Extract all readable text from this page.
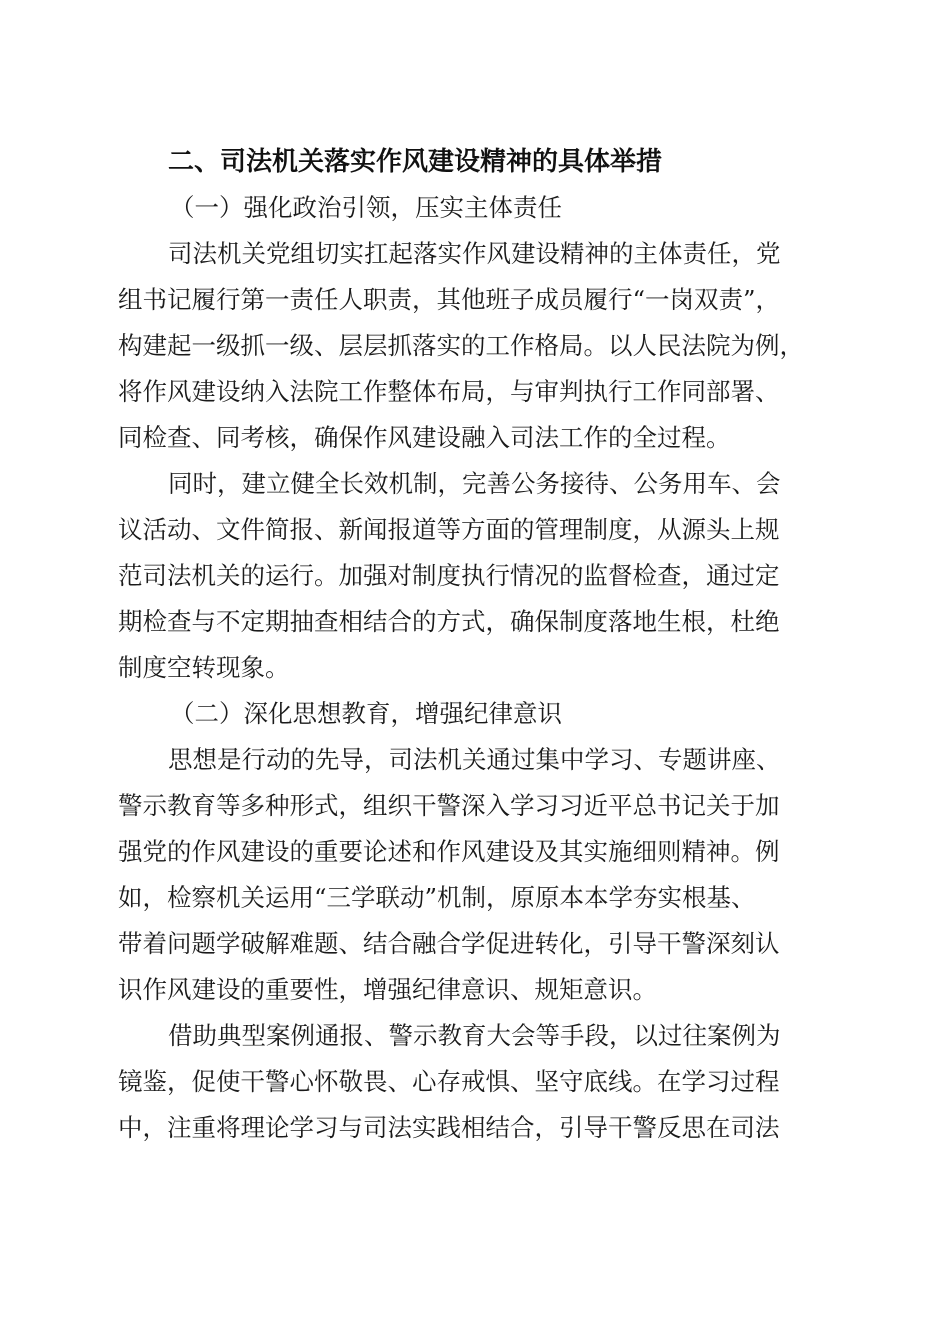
二、司法机关落实作风建设精神的具体举措
（一）强化政治引领，压实主体责任
司法机关党组切实扛起落实作风建设精神的主体责任，党
组书记履行第一责任人职责，其他班子成员履行“一岗双责”，
构建起一级抓一级、层层抓落实的工作格局。以人民法院为例，
将作风建设纳入法院工作整体布局，与审判执行工作同部署、
同检查、同考核，确保作风建设融入司法工作的全过程。
同时，建立健全长效机制，完善公务接待、公务用车、会
议活动、文件简报、新闻报道等方面的管理制度，从源头上规
范司法机关的运行。加强对制度执行情况的监督检查，通过定
期检查与不定期抽查相结合的方式，确保制度落地生根，杜绝
制度空转现象。
（二）深化思想教育，增强纪律意识
思想是行动的先导，司法机关通过集中学习、专题讲座、
警示教育等多种形式，组织干警深入学习习近平总书记关于加
强党的作风建设的重要论述和作风建设及其实施细则精神。例
如，检察机关运用“三学联动”机制，原原本本学夯实根基、
带着问题学破解难题、结合融合学促进转化，引导干警深刻认
识作风建设的重要性，增强纪律意识、规矩意识。
借助典型案例通报、警示教育大会等手段，以过往案例为
镜鉴，促使干警心怀敬畏、心存戒惧、坚守底线。在学习过程
中，注重将理论学习与司法实践相结合，引导干警反思在司法
